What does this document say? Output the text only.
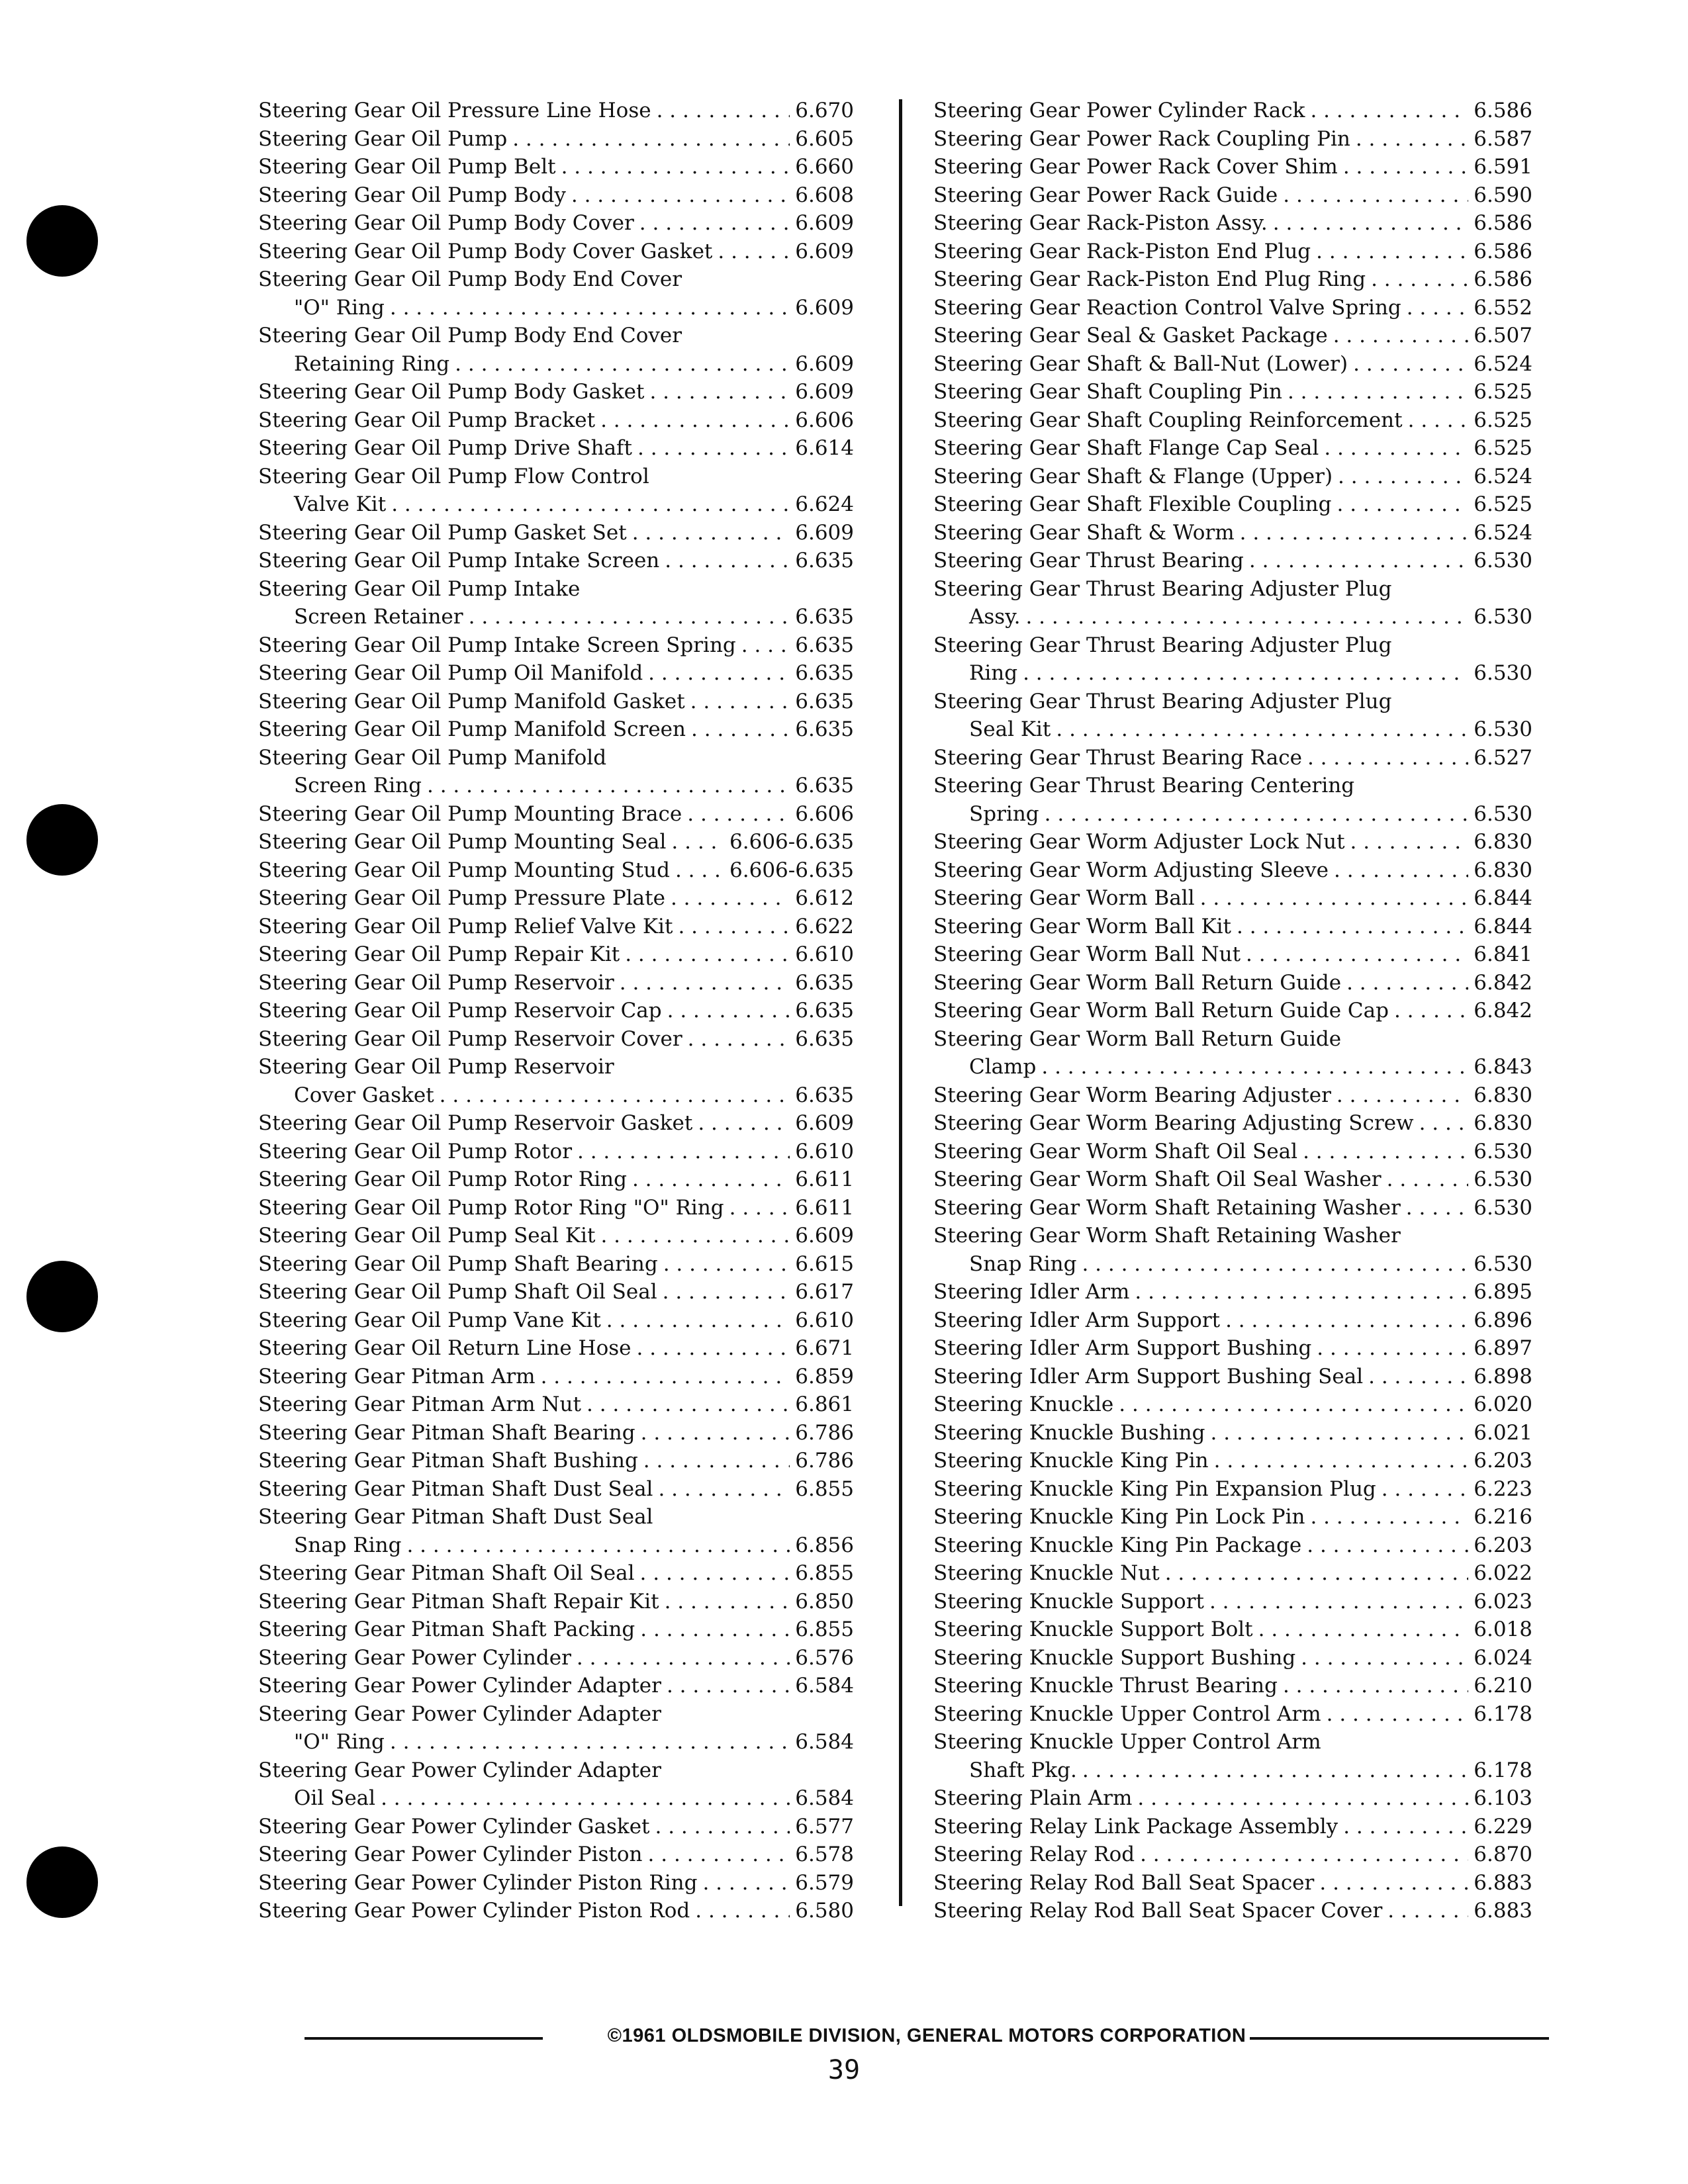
Steering Gear Oil Pressure Line Hose . . .	6.670
Steering Gear Oil Pump . . .	6.605
Steering Gear Oil Pump Belt . . .	6.660
Steering Gear Oil Pump Body . . .	6.608
Steering Gear Oil Pump Body Cover . . .	6.609
Steering Gear Oil Pump Body Cover Gasket . . .	6.609
Steering Gear Oil Pump Body End Cover
"O" Ring . . .	6.609
Steering Gear Oil Pump Body End Cover
Retaining Ring . . .	6.609
Steering Gear Oil Pump Body Gasket . . .	6.609
Steering Gear Oil Pump Bracket . . .	6.606
Steering Gear Oil Pump Drive Shaft . . .	6.614
Steering Gear Oil Pump Flow Control
Valve Kit . . .	6.624
Steering Gear Oil Pump Gasket Set . . .	6.609
Steering Gear Oil Pump Intake Screen . . .	6.635
Steering Gear Oil Pump Intake
Screen Retainer . . .	6.635
Steering Gear Oil Pump Intake Screen Spring . . .	6.635
Steering Gear Oil Pump Oil Manifold . . .	6.635
Steering Gear Oil Pump Manifold Gasket . . .	6.635
Steering Gear Oil Pump Manifold Screen . . .	6.635
Steering Gear Oil Pump Manifold
Screen Ring . . .	6.635
Steering Gear Oil Pump Mounting Brace . . .	6.606
Steering Gear Oil Pump Mounting Seal . . .	6.606-6.635
Steering Gear Oil Pump Mounting Stud . . .	6.606-6.635
Steering Gear Oil Pump Pressure Plate . . .	6.612
Steering Gear Oil Pump Relief Valve Kit . . .	6.622
Steering Gear Oil Pump Repair Kit . . .	6.610
Steering Gear Oil Pump Reservoir . . .	6.635
Steering Gear Oil Pump Reservoir Cap . . .	6.635
Steering Gear Oil Pump Reservoir Cover . . .	6.635
Steering Gear Oil Pump Reservoir
Cover Gasket . . .	6.635
Steering Gear Oil Pump Reservoir Gasket . . .	6.609
Steering Gear Oil Pump Rotor . . .	6.610
Steering Gear Oil Pump Rotor Ring . . .	6.611
Steering Gear Oil Pump Rotor Ring "O" Ring . . .	6.611
Steering Gear Oil Pump Seal Kit . . .	6.609
Steering Gear Oil Pump Shaft Bearing . . .	6.615
Steering Gear Oil Pump Shaft Oil Seal . . .	6.617
Steering Gear Oil Pump Vane Kit . . .	6.610
Steering Gear Oil Return Line Hose . . .	6.671
Steering Gear Pitman Arm . . .	6.859
Steering Gear Pitman Arm Nut . . .	6.861
Steering Gear Pitman Shaft Bearing . . .	6.786
Steering Gear Pitman Shaft Bushing . . .	6.786
Steering Gear Pitman Shaft Dust Seal . . .	6.855
Steering Gear Pitman Shaft Dust Seal
Snap Ring . . .	6.856
Steering Gear Pitman Shaft Oil Seal . . .	6.855
Steering Gear Pitman Shaft Repair Kit . . .	6.850
Steering Gear Pitman Shaft Packing . . .	6.855
Steering Gear Power Cylinder . . .	6.576
Steering Gear Power Cylinder Adapter . . .	6.584
Steering Gear Power Cylinder Adapter
"O" Ring . . .	6.584
Steering Gear Power Cylinder Adapter
Oil Seal . . .	6.584
Steering Gear Power Cylinder Gasket . . .	6.577
Steering Gear Power Cylinder Piston . . .	6.578
Steering Gear Power Cylinder Piston Ring . . .	6.579
Steering Gear Power Cylinder Piston Rod . . .	6.580
Steering Gear Power Cylinder Rack . . .	6.586
Steering Gear Power Rack Coupling Pin . . .	6.587
Steering Gear Power Rack Cover Shim . . .	6.591
Steering Gear Power Rack Guide . . .	6.590
Steering Gear Rack-Piston Assy. . . .	6.586
Steering Gear Rack-Piston End Plug . . .	6.586
Steering Gear Rack-Piston End Plug Ring . . .	6.586
Steering Gear Reaction Control Valve Spring . . .	6.552
Steering Gear Seal & Gasket Package . . .	6.507
Steering Gear Shaft & Ball-Nut (Lower) . . .	6.524
Steering Gear Shaft Coupling Pin . . .	6.525
Steering Gear Shaft Coupling Reinforcement . . .	6.525
Steering Gear Shaft Flange Cap Seal . . .	6.525
Steering Gear Shaft & Flange (Upper) . . .	6.524
Steering Gear Shaft Flexible Coupling . . .	6.525
Steering Gear Shaft & Worm . . .	6.524
Steering Gear Thrust Bearing . . .	6.530
Steering Gear Thrust Bearing Adjuster Plug
Assy. . . .	6.530
Steering Gear Thrust Bearing Adjuster Plug
Ring . . .	6.530
Steering Gear Thrust Bearing Adjuster Plug
Seal Kit . . .	6.530
Steering Gear Thrust Bearing Race . . .	6.527
Steering Gear Thrust Bearing Centering
Spring . . .	6.530
Steering Gear Worm Adjuster Lock Nut . . .	6.830
Steering Gear Worm Adjusting Sleeve . . .	6.830
Steering Gear Worm Ball . . .	6.844
Steering Gear Worm Ball Kit . . .	6.844
Steering Gear Worm Ball Nut . . .	6.841
Steering Gear Worm Ball Return Guide . . .	6.842
Steering Gear Worm Ball Return Guide Cap . . .	6.842
Steering Gear Worm Ball Return Guide
Clamp . . .	6.843
Steering Gear Worm Bearing Adjuster . . .	6.830
Steering Gear Worm Bearing Adjusting Screw . . .	6.830
Steering Gear Worm Shaft Oil Seal . . .	6.530
Steering Gear Worm Shaft Oil Seal Washer . . .	6.530
Steering Gear Worm Shaft Retaining Washer . . .	6.530
Steering Gear Worm Shaft Retaining Washer
Snap Ring . . .	6.530
Steering Idler Arm . . .	6.895
Steering Idler Arm Support . . .	6.896
Steering Idler Arm Support Bushing . . .	6.897
Steering Idler Arm Support Bushing Seal . . .	6.898
Steering Knuckle . . .	6.020
Steering Knuckle Bushing . . .	6.021
Steering Knuckle King Pin . . .	6.203
Steering Knuckle King Pin Expansion Plug . . .	6.223
Steering Knuckle King Pin Lock Pin . . .	6.216
Steering Knuckle King Pin Package . . .	6.203
Steering Knuckle Nut . . .	6.022
Steering Knuckle Support . . .	6.023
Steering Knuckle Support Bolt . . .	6.018
Steering Knuckle Support Bushing . . .	6.024
Steering Knuckle Thrust Bearing . . .	6.210
Steering Knuckle Upper Control Arm . . .	6.178
Steering Knuckle Upper Control Arm
Shaft Pkg. . . .	6.178
Steering Plain Arm . . .	6.103
Steering Relay Link Package Assembly . . .	6.229
Steering Relay Rod . . .	6.870
Steering Relay Rod Ball Seat Spacer . . .	6.883
Steering Relay Rod Ball Seat Spacer Cover . . .	6.883
©1961 OLDSMOBILE DIVISION, GENERAL MOTORS CORPORATION
39
